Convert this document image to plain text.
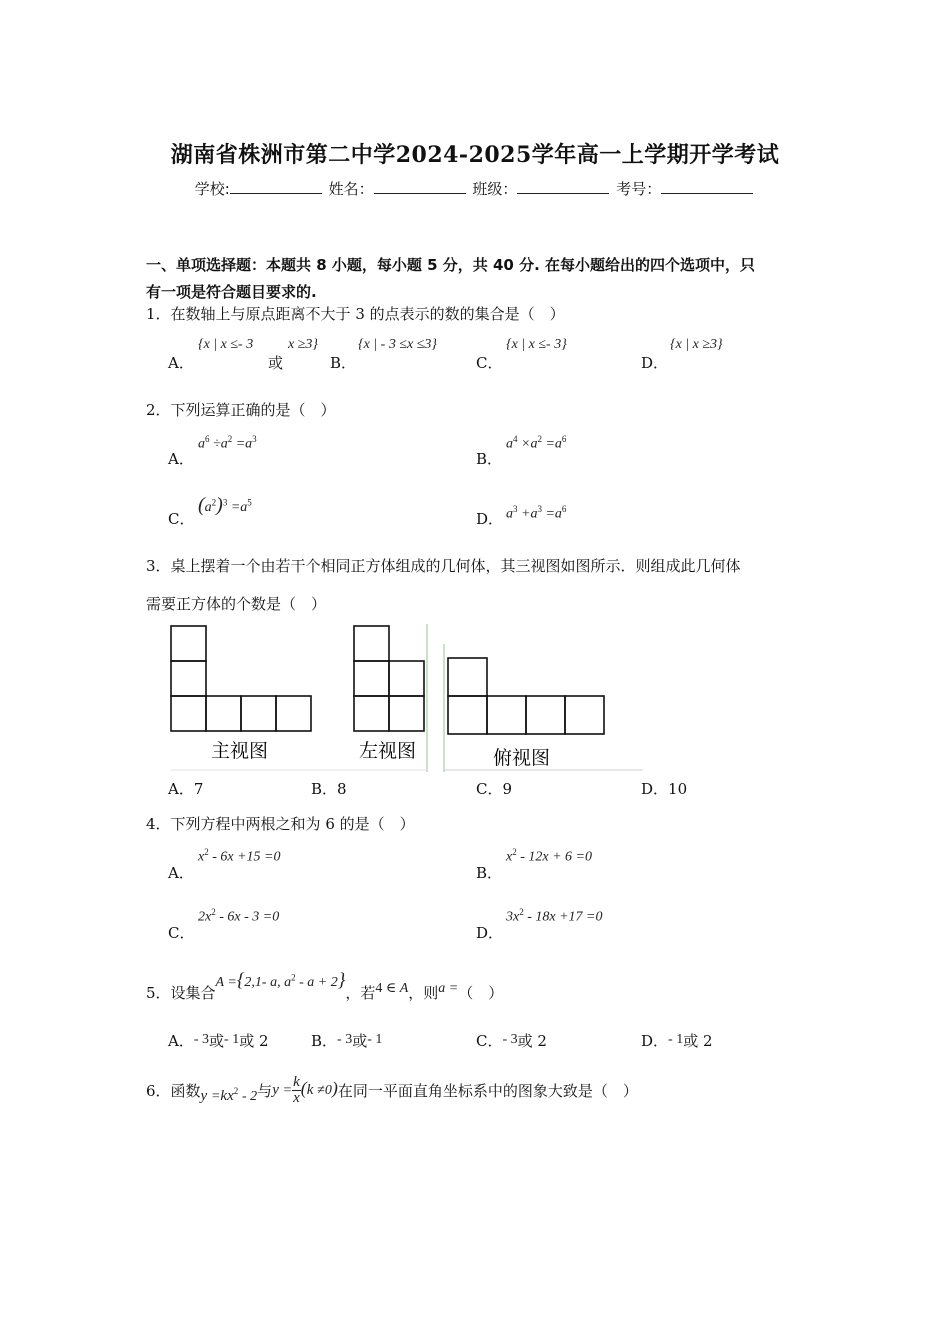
湖南省株洲市第二中学2024-2025学年高一上学期开学考试
学校:	姓名：	班级：	考号：
一、单项选择题：本题共 8 小题，每小题 5 分，共 40 分. 在每小题给出的四个选项中，只
有一项是符合题目要求的.
1．在数轴上与原点距离不大于 3 的点表示的数的集合是（　）
A．
{x | x ≤- 3
或
x ≥3}
B．
{x | - 3 ≤x ≤3}
C．
{x | x ≤- 3}
D．
{x | x ≥3}
2．下列运算正确的是（　）
A．
$a^6 \div a^2 =a^3$
B．
$a^4 \times a^2 =a^6$
C．
$(a^2)^3 =a^5$
D． $a^3 +a^3 =a^6$
3．桌上摆着一个由若干个相同正方体组成的几何体，其三视图如图所示．则组成此几何体
需要正方体的个数是（　）
主视图	左视图	俯视图
A．7	B．8	C．9	D．10
4．下列方程中两根之和为 6 的是（　）
A．
$x^2 - 6x +15 =0$
B．
$x^2 - 12x + 6 =0$
C．
$2x^2 - 6x - 3 =0$
D．
$3x^2 - 18x +17 =0$
5．设集合A ={2,1- a, $a^2 - a + 2$}，若4 ∈ A，则a =（　）
A．- 3或- 1或 2	B．- 3或- 1	C．- 3或 2	D．- 1或 2
6．函数$y =kx^2 - 2$与$y = \frac{k}{x} (k \ne 0)$在同一平面直角坐标系中的图象大致是（　）
